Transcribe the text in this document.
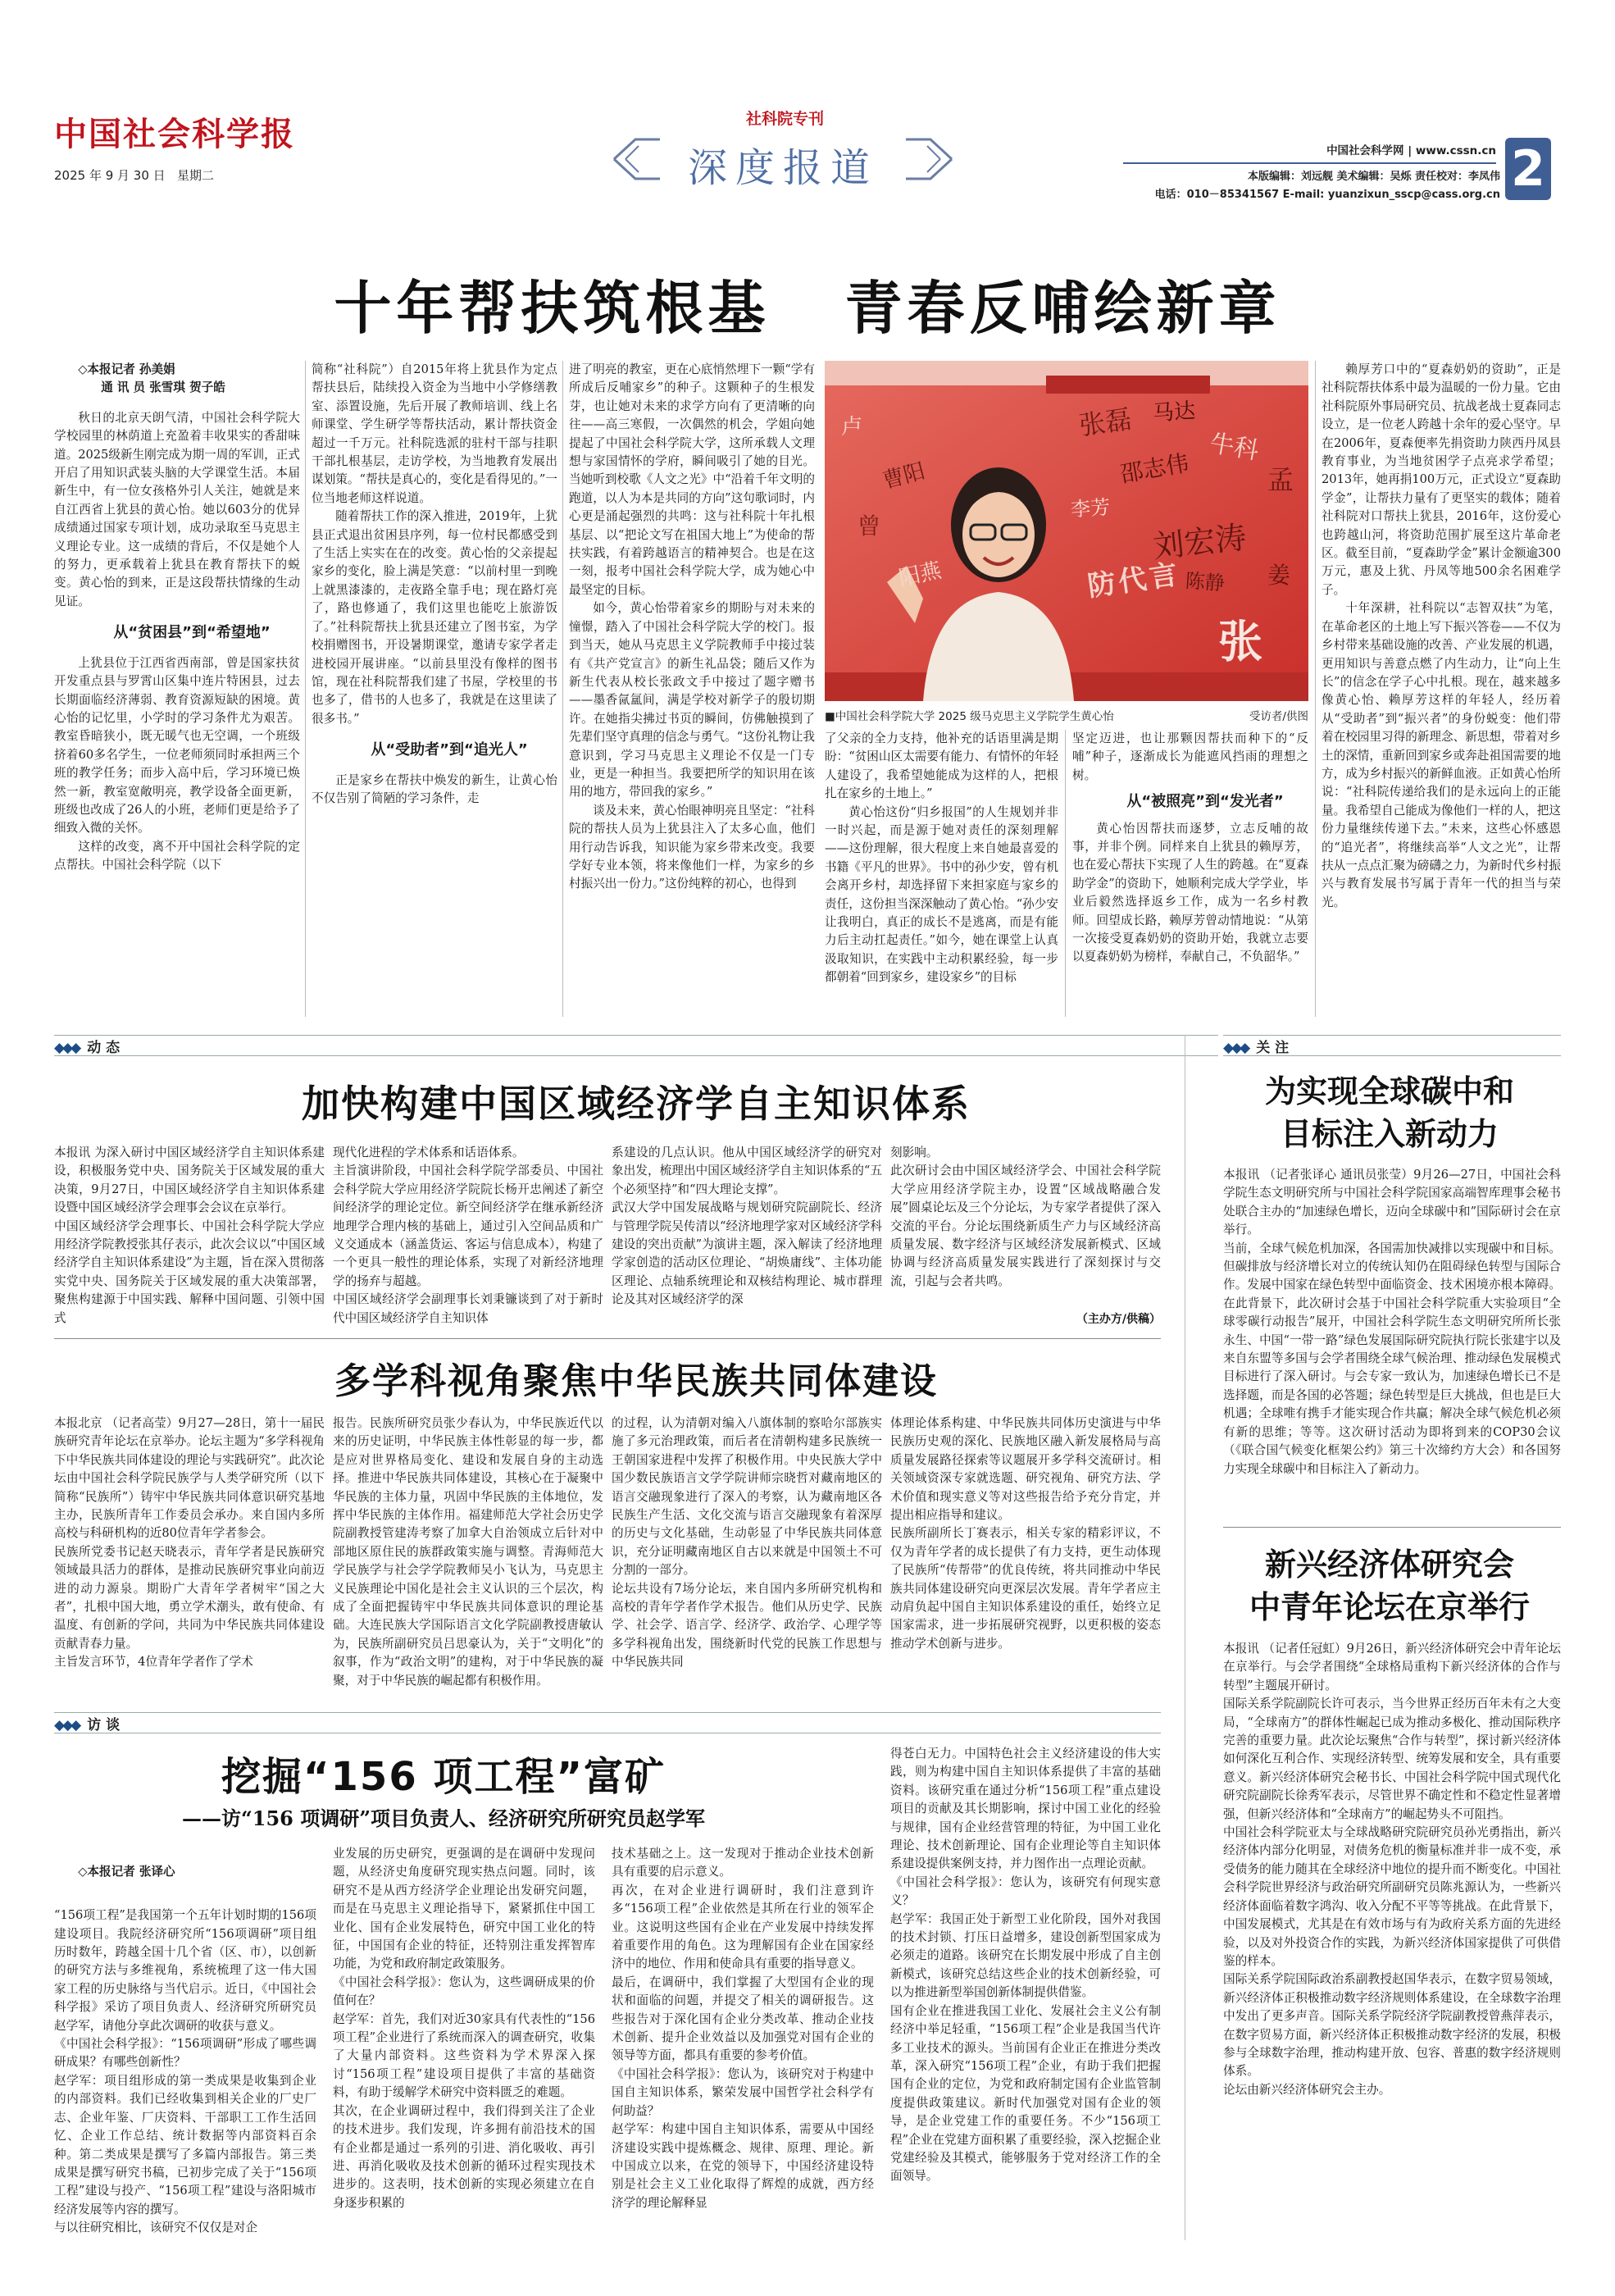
中国社会科学报
2025 年 9 月 30 日 星期二
社科院专刊
深度报道	中国社会科学网 | www.cssn.cn 2
本版编辑：刘远舰 美术编辑：吴烁 责任校对：李凤伟
电话：010－85341567 E-mail: yuanzixun_sscp@cass.org.cn
十年帮扶筑根基   青春反哺绘新章

◇本报记者 孙美娟

通 讯 员 张雪琪 贺子皓

秋日的北京天朗气清，中国社会科学院大学校园里的林荫道上充盈着丰收果实的香甜味道。2025级新生刚完成为期一周的军训，正式开启了用知识武装头脑的大学课堂生活。本届新生中，有一位女孩格外引人关注，她就是来自江西省上犹县的黄心怡。她以603分的优异成绩通过国家专项计划，成功录取至马克思主义理论专业。这一成绩的背后，不仅是她个人的努力，更承载着上犹县在教育帮扶下的蜕变。黄心怡的到来，正是这段帮扶情缘的生动见证。

从“贫困县”到“希望地”

上犹县位于江西省西南部，曾是国家扶贫开发重点县与罗霄山区集中连片特困县，过去长期面临经济薄弱、教育资源短缺的困境。黄心怡的记忆里，小学时的学习条件尤为艰苦。教室昏暗狭小，既无暖气也无空调，一个班级挤着60多名学生，一位老师须同时承担两三个班的教学任务；而步入高中后，学习环境已焕然一新，教室宽敞明亮，教学设备全面更新，班级也改成了26人的小班，老师们更是给予了细致入微的关怀。

这样的改变，离不开中国社会科学院的定点帮扶。中国社会科学院（以下

简称“社科院”）自2015年将上犹县作为定点帮扶县后，陆续投入资金为当地中小学修缮教室、添置设施，先后开展了教师培训、线上名师课堂、学生研学等帮扶活动，累计帮扶资金超过一千万元。社科院选派的驻村干部与挂职干部扎根基层，走访学校，为当地教育发展出谋划策。“帮扶是真心的，变化是看得见的。”一位当地老师这样说道。

随着帮扶工作的深入推进，2019年，上犹县正式退出贫困县序列，每一位村民都感受到了生活上实实在在的改变。黄心怡的父亲提起家乡的变化，脸上满是笑意：“以前村里一到晚上就黑漆漆的，走夜路全靠手电；现在路灯亮了，路也修通了，我们这里也能吃上旅游饭了。”社科院帮扶上犹县还建立了图书室，为学校捐赠图书，开设暑期课堂，邀请专家学者走进校园开展讲座。“以前县里没有像样的图书馆，现在社科院帮我们建了书屋，学校里的书也多了，借书的人也多了，我就是在这里读了很多书。”

从“受助者”到“追光人”

正是家乡在帮扶中焕发的新生，让黄心怡不仅告别了简陋的学习条件，走

进了明亮的教室，更在心底悄然埋下一颗“学有所成后反哺家乡”的种子。这颗种子的生根发芽，也让她对未来的求学方向有了更清晰的向往——高三寒假，一次偶然的机会，学姐向她提起了中国社会科学院大学，这所承载人文理想与家国情怀的学府，瞬间吸引了她的目光。当她听到校歌《人文之光》中“沿着千年文明的跑道，以人为本是共同的方向”这句歌词时，内心更是涌起强烈的共鸣：这与社科院十年扎根基层、以“把论文写在祖国大地上”为使命的帮扶实践，有着跨越语言的精神契合。也是在这一刻，报考中国社会科学院大学，成为她心中最坚定的目标。

如今，黄心怡带着家乡的期盼与对未来的憧憬，踏入了中国社会科学院大学的校门。报到当天，她从马克思主义学院教师手中接过装有《共产党宣言》的新生礼品袋；随后又作为新生代表从校长张政文手中接过了题字赠书——墨香氤氲间，满是学校对新学子的殷切期许。在她指尖拂过书页的瞬间，仿佛触摸到了先辈们坚守真理的信念与勇气。“这份礼物让我意识到，学习马克思主义理论不仅是一门专业，更是一种担当。我要把所学的知识用在该用的地方，带回我的家乡。”

谈及未来，黄心怡眼神明亮且坚定：“社科院的帮扶人员为上犹县注入了太多心血，他们用行动告诉我，知识能为家乡带来改变。我要学好专业本领，将来像他们一样，为家乡的乡村振兴出一份力。”这份纯粹的初心，也得到

张磊 马达
牛科
邵志伟
刘宏涛
曹阳
李芳
曾
阳燕	陈静
张
孟
卢
姜
防代言
■中国社会科学院大学 2025 级马克思主义学院学生黄心怡	受访者/供图

了父亲的全力支持，他补充的话语里满是期盼：“贫困山区太需要有能力、有情怀的年轻人建设了，我希望她能成为这样的人，把根扎在家乡的土地上。”

黄心怡这份“归乡报国”的人生规划并非一时兴起，而是源于她对责任的深刻理解——这份理解，很大程度上来自她最喜爱的书籍《平凡的世界》。书中的孙少安，曾有机会离开乡村，却选择留下来担家庭与家乡的责任，这份担当深深触动了黄心怡。“孙少安让我明白，真正的成长不是逃离，而是有能力后主动扛起责任。”如今，她在课堂上认真汲取知识，在实践中主动积累经验，每一步都朝着“回到家乡，建设家乡”的目标

坚定迈进，也让那颗因帮扶而种下的“反哺”种子，逐渐成长为能遮风挡雨的理想之树。

从“被照亮”到“发光者”

黄心怡因帮扶而逐梦，立志反哺的故事，并非个例。同样来自上犹县的赖厚芳，也在爱心帮扶下实现了人生的跨越。在“夏森助学金”的资助下，她顺利完成大学学业，毕业后毅然选择返乡工作，成为一名乡村教师。回望成长路，赖厚芳曾动情地说：“从第一次接受夏森奶奶的资助开始，我就立志要以夏森奶奶为榜样，奉献自己，不负韶华。”

赖厚芳口中的“夏森奶奶的资助”，正是社科院帮扶体系中最为温暖的一份力量。它由社科院原外事局研究员、抗战老战士夏森同志设立，是一位老人跨越十余年的爱心坚守。早在2006年，夏森便率先捐资助力陕西丹凤县教育事业，为当地贫困学子点亮求学希望；2013年，她再捐100万元，正式设立“夏森助学金”，让帮扶力量有了更坚实的载体；随着社科院对口帮扶上犹县，2016年，这份爱心也跨越山河，将资助范围扩展至这片革命老区。截至目前，“夏森助学金”累计金额逾300万元，惠及上犹、丹凤等地500余名困难学子。

十年深耕，社科院以“志智双扶”为笔，在革命老区的土地上写下振兴答卷——不仅为乡村带来基础设施的改善、产业发展的机遇，更用知识与善意点燃了内生动力，让“向上生长”的信念在学子心中扎根。现在，越来越多像黄心怡、赖厚芳这样的年轻人，经历着从“受助者”到“振兴者”的身份蜕变：他们带着在校园里习得的新理念、新思想，带着对乡土的深情，重新回到家乡或奔赴祖国需要的地方，成为乡村振兴的新鲜血液。正如黄心怡所说：“社科院传递给我们的是永远向上的正能量。我希望自己能成为像他们一样的人，把这份力量继续传递下去。”未来，这些心怀感恩的“追光者”，将继续高举“人文之光”，让帮扶从一点点汇聚为磅礴之力，为新时代乡村振兴与教育发展书写属于青年一代的担当与荣光。

◆◆◆ 动 态
加快构建中国区域经济学自主知识体系

本报讯 为深入研讨中国区域经济学自主知识体系建设，积极服务党中央、国务院关于区域发展的重大决策，9月27日，中国区域经济学自主知识体系建设暨中国区域经济学会理事会会议在京举行。
中国区域经济学会理事长、中国社会科学院大学应用经济学院教授张其仔表示，此次会议以“中国区域经济学自主知识体系建设”为主题，旨在深入贯彻落实党中央、国务院关于区域发展的重大决策部署，聚焦构建源于中国实践、解释中国问题、引领中国式

现代化进程的学术体系和话语体系。
主旨演讲阶段，中国社会科学院学部委员、中国社会科学院大学应用经济学院院长杨开忠阐述了新空间经济学的理论定位。新空间经济学在继承新经济地理学合理内核的基础上，通过引入空间品质和广义交通成本（涵盖货运、客运与信息成本），构建了一个更具一般性的理论体系，实现了对新经济地理学的扬弃与超越。
中国区域经济学会副理事长刘秉镰谈到了对于新时代中国区域经济学自主知识体

系建设的几点认识。他从中国区域经济学的研究对象出发，梳理出中国区域经济学自主知识体系的“五个必须坚持”和“四大理论支撑”。
武汉大学中国发展战略与规划研究院副院长、经济与管理学院吴传清以“经济地理学家对区域经济学科建设的突出贡献”为演讲主题，深入解读了经济地理学家创造的活动区位理论、“胡焕庸线”、主体功能区理论、点轴系统理论和双核结构理论、城市群理论及其对区域经济学的深

刻影响。
此次研讨会由中国区域经济学会、中国社会科学院大学应用经济学院主办，设置“区域战略融合发展”圆桌论坛及三个分论坛，为专家学者提供了深入交流的平台。分论坛围绕新质生产力与区域经济高质量发展、数字经济与区域经济发展新模式、区域协调与经济高质量发展实践进行了深刻探讨与交流，引起与会者共鸣。

（主办方/供稿）
多学科视角聚焦中华民族共同体建设

本报北京 （记者高莹）9月27—28日，第十一届民族研究青年论坛在京举办。论坛主题为“多学科视角下中华民族共同体建设的理论与实践研究”。此次论坛由中国社会科学院民族学与人类学研究所（以下简称“民族所”）铸牢中华民族共同体意识研究基地主办，民族所青年工作委员会承办。来自国内多所高校与科研机构的近80位青年学者参会。
民族所党委书记赵天晓表示，青年学者是民族研究领域最具活力的群体，是推动民族研究事业向前迈进的动力源泉。期盼广大青年学者树牢“国之大者”，扎根中国大地，勇立学术潮头，敢有使命、有温度、有创新的学问，共同为中华民族共同体建设贡献青春力量。
主旨发言环节，4位青年学者作了学术

报告。民族所研究员张少春认为，中华民族近代以来的历史证明，中华民族主体性彰显的每一步，都是应对世界格局变化、建设和发展自身的主动选择。推进中华民族共同体建设，其核心在于凝聚中华民族的主体力量，巩固中华民族的主体地位，发挥中华民族的主体作用。福建师范大学社会历史学院副教授管建涛考察了加拿大自治领成立后针对中部地区原住民的族群政策实施与调整。青海师范大学民族学与社会学学院教师吴小飞认为，马克思主义民族理论中国化是社会主义认识的三个层次，构成了全面把握铸牢中华民族共同体意识的理论基础。大连民族大学国际语言文化学院副教授唐敏认为，民族所副研究员吕思豪认为，关于“文明化”的叙事，作为“政治文明”的建构，对于中华民族的凝聚，对于中华民族的崛起都有积极作用。

的过程，认为清朝对编入八旗体制的察哈尔部族实施了多元治理政策，而后者在清朝构建多民族统一王朝国家进程中发挥了积极作用。中央民族大学中国少数民族语言文学学院讲师宗晓哲对藏南地区的语言交融现象进行了深入的考察，认为藏南地区各民族生产生活、文化交流与语言交融现象有着深厚的历史与文化基础，生动彰显了中华民族共同体意识，充分证明藏南地区自古以来就是中国领土不可分割的一部分。
论坛共设有7场分论坛，来自国内多所研究机构和高校的青年学者作学术报告。他们从历史学、民族学、社会学、语言学、经济学、政治学、心理学等多学科视角出发，围绕新时代党的民族工作思想与中华民族共同

体理论体系构建、中华民族共同体历史演进与中华民族历史观的深化、民族地区融入新发展格局与高质量发展路径探索等议题展开多学科交流研讨。相关领域资深专家就选题、研究视角、研究方法、学术价值和现实意义等对这些报告给予充分肯定，并提出相应指导和建议。
民族所副所长丁赛表示，相关专家的精彩评议，不仅为青年学者的成长提供了有力支持，更生动体现了民族所“传帮带”的优良传统，将共同推动中华民族共同体建设研究向更深层次发展。青年学者应主动肩负起中国自主知识体系建设的重任，始终立足国家需求，进一步拓展研究视野，以更积极的姿态推动学术创新与进步。

◆◆◆ 关 注
为实现全球碳中和
目标注入新动力

本报讯 （记者张译心 通讯员张莹）9月26—27日，中国社会科学院生态文明研究所与中国社会科学院国家高端智库理事会秘书处联合主办的“加速绿色增长，迈向全球碳中和”国际研讨会在京举行。
当前，全球气候危机加深，各国需加快减排以实现碳中和目标。但碳排放与经济增长对立的传统认知仍在阻碍绿色转型与国际合作。发展中国家在绿色转型中面临资金、技术困境亦根本障碍。在此背景下，此次研讨会基于中国社会科学院重大实验项目“全球零碳行动报告”展开，中国社会科学院生态文明研究所所长张永生、中国“一带一路”绿色发展国际研究院执行院长张建宇以及来自东盟等多国与会学者围绕全球气候治理、推动绿色发展模式目标进行了深入研讨。与会专家一致认为，加速绿色增长已不是选择题，而是各国的必答题；绿色转型是巨大挑战，但也是巨大机遇；全球唯有携手才能实现合作共赢；解决全球气候危机必须有新的思维；等等。这次研讨活动为即将到来的COP30会议（《联合国气候变化框架公约》第三十次缔约方大会）和各国努力实现全球碳中和目标注入了新动力。

新兴经济体研究会
中青年论坛在京举行

本报讯 （记者任冠虹）9月26日，新兴经济体研究会中青年论坛在京举行。与会学者围绕“全球格局重构下新兴经济体的合作与转型”主题展开研讨。
国际关系学院副院长许可表示，当今世界正经历百年未有之大变局，“全球南方”的群体性崛起已成为推动多极化、推动国际秩序完善的重要力量。此次论坛聚焦“合作与转型”，探讨新兴经济体如何深化互利合作、实现经济转型、统筹发展和安全，具有重要意义。新兴经济体研究会秘书长、中国社会科学院中国式现代化研究院副院长徐秀军表示，尽管世界不确定性和不稳定性显著增强，但新兴经济体和“全球南方”的崛起势头不可阻挡。
中国社会科学院亚太与全球战略研究院研究员孙光勇指出，新兴经济体内部分化明显，对债务危机的衡量标准并非一成不变，承受债务的能力随其在全球经济中地位的提升而不断变化。中国社会科学院世界经济与政治研究所副研究员陈兆源认为，一些新兴经济体面临着数字鸿沟、收入分配不平等等挑战。在此背景下，中国发展模式，尤其是在有效市场与有为政府关系方面的先进经验，以及对外投资合作的实践，为新兴经济体国家提供了可供借鉴的样本。
国际关系学院国际政治系副教授赵国华表示，在数字贸易领域，新兴经济体正积极推动数字经济规则体系建设，在全球数字治理中发出了更多声音。国际关系学院经济学院副教授曾燕萍表示，在数字贸易方面，新兴经济体正积极推动数字经济的发展，积极参与全球数字治理，推动构建开放、包容、普惠的数字经济规则体系。
论坛由新兴经济体研究会主办。

◆◆◆ 访 谈
挖掘“156 项工程”富矿
——访“156 项调研”项目负责人、经济研究所研究员赵学军

◇本报记者 张译心

“156项工程”是我国第一个五年计划时期的156项建设项目。我院经济研究所“156项调研”项目组历时数年，跨越全国十几个省（区、市），以创新的研究方法与多维视角，系统梳理了这一伟大国家工程的历史脉络与当代启示。近日，《中国社会科学报》采访了项目负责人、经济研究所研究员赵学军，请他分享此次调研的收获与意义。
《中国社会科学报》：“156项调研”形成了哪些调研成果？有哪些创新性？
赵学军：项目组形成的第一类成果是收集到企业的内部资料。我们已经收集到相关企业的厂史厂志、企业年鉴、厂庆资料、干部职工工作生活回忆、企业工作总结、统计数据等内部资料百余种。第二类成果是撰写了多篇内部报告。第三类成果是撰写研究书稿，已初步完成了关于“156项工程”建设与投产、“156项工程”建设与洛阳城市经济发展等内容的撰写。
与以往研究相比，该研究不仅仅是对企

业发展的历史研究，更强调的是在调研中发现问题，从经济史角度研究现实热点问题。同时，该研究不是从西方经济学企业理论出发研究问题，而是在马克思主义理论指导下，紧紧抓住中国工业化、国有企业发展特色，研究中国工业化的特征，中国国有企业的特征，还特别注重发挥智库功能，为党和政府制定政策服务。
《中国社会科学报》：您认为，这些调研成果的价值何在？
赵学军：首先，我们对近30家具有代表性的“156项工程”企业进行了系统而深入的调查研究，收集了大量内部资料。这些资料为学术界深入探讨“156项工程”建设项目提供了丰富的基础资料，有助于缓解学术研究中资料匮乏的难题。
其次，在企业调研过程中，我们得到关注了企业的技术进步。我们发现，许多拥有前沿技术的国有企业都是通过一系列的引进、消化吸收、再引进、再消化吸收及技术创新的循环过程实现技术进步的。这表明，技术创新的实现必须建立在自身逐步积累的

技术基础之上。这一发现对于推动企业技术创新具有重要的启示意义。
再次，在对企业进行调研时，我们注意到许多“156项工程”企业依然是其所在行业的领军企业。这说明这些国有企业在产业发展中持续发挥着重要作用的角色。这为理解国有企业在国家经济中的地位、作用和使命具有重要的指导意义。
最后，在调研中，我们掌握了大型国有企业的现状和面临的问题，并提交了相关的调研报告。这些报告对于深化国有企业分类改革、推动企业技术创新、提升企业效益以及加强党对国有企业的领导等方面，都具有重要的参考价值。
《中国社会科学报》：您认为，该研究对于构建中国自主知识体系，繁荣发展中国哲学社会科学有何助益？
赵学军：构建中国自主知识体系，需要从中国经济建设实践中提炼概念、规律、原理、理论。新中国成立以来，在党的领导下，中国经济建设特别是社会主义工业化取得了辉煌的成就，西方经济学的理论解释显

得苍白无力。中国特色社会主义经济建设的伟大实践，则为构建中国自主知识体系提供了丰富的基础资料。该研究重在通过分析“156项工程”重点建设项目的贡献及其长期影响，探讨中国工业化的经验与规律，国有企业经营管理的特征，为中国工业化理论、技术创新理论、国有企业理论等自主知识体系建设提供案例支持，并力图作出一点理论贡献。
《中国社会科学报》：您认为，该研究有何现实意义？
赵学军：我国正处于新型工业化阶段，国外对我国的技术封锁、打压日益增多，建设创新型国家成为必须走的道路。该研究在长期发展中形成了自主创新模式，该研究总结这些企业的技术创新经验，可以为推进新型举国创新体制提供借鉴。
国有企业在推进我国工业化、发展社会主义公有制经济中举足轻重，“156项工程”企业是我国当代许多工业技术的源头。当前国有企业正在推进分类改革，深入研究“156项工程”企业，有助于我们把握国有企业的定位，为党和政府制定国有企业监管制度提供政策建议。新时代加强党对国有企业的领导，是企业党建工作的重要任务。不少“156项工程”企业在党建方面积累了重要经验，深入挖掘企业党建经验及其模式，能够服务于党对经济工作的全面领导。
